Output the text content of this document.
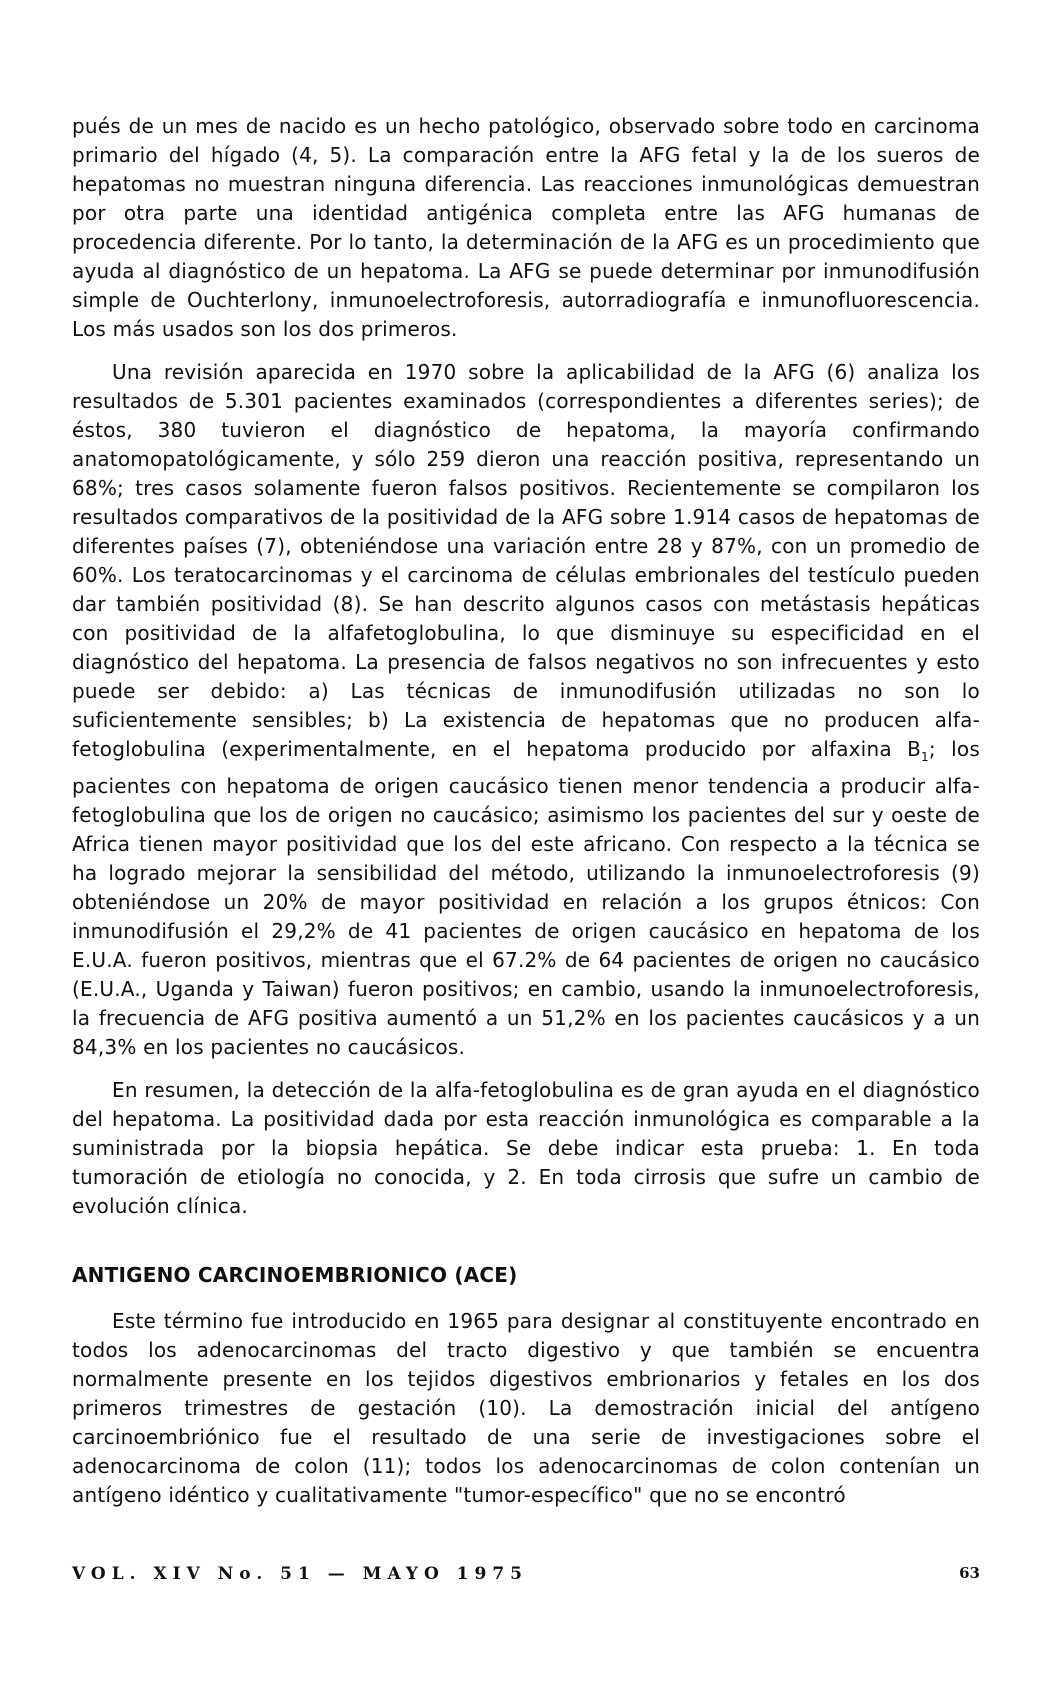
pués de un mes de nacido es un hecho patológico, observado sobre todo en carcinoma primario del hígado (4, 5). La comparación entre la AFG fetal y la de los sueros de hepatomas no muestran ninguna diferencia. Las reacciones inmunológicas demuestran por otra parte una identidad antigénica completa entre las AFG humanas de procedencia diferente. Por lo tanto, la determinación de la AFG es un procedimiento que ayuda al diagnóstico de un hepatoma. La AFG se puede determinar por inmunodifusión simple de Ouchterlony, inmunoelectroforesis, autorradiografía e inmunofluorescencia. Los más usados son los dos primeros.

Una revisión aparecida en 1970 sobre la aplicabilidad de la AFG (6) analiza los resultados de 5.301 pacientes examinados (correspondientes a diferentes series); de éstos, 380 tuvieron el diagnóstico de hepatoma, la mayoría confirmando anatomopatológicamente, y sólo 259 dieron una reacción positiva, representando un 68%; tres casos solamente fueron falsos positivos. Recientemente se compilaron los resultados comparativos de la positividad de la AFG sobre 1.914 casos de hepatomas de diferentes países (7), obteniéndose una variación entre 28 y 87%, con un promedio de 60%. Los teratocarcinomas y el carcinoma de células embrionales del testículo pueden dar también positividad (8). Se han descrito algunos casos con metástasis hepáticas con positividad de la alfafetoglobulina, lo que disminuye su especificidad en el diagnóstico del hepatoma. La presencia de falsos negativos no son infrecuentes y esto puede ser debido: a) Las técnicas de inmunodifusión utilizadas no son lo suficientemente sensibles; b) La existencia de hepatomas que no producen alfa-fetoglobulina (experimentalmente, en el hepatoma producido por alfaxina $B_1$; los pacientes con hepatoma de origen caucásico tienen menor tendencia a producir alfa-fetoglobulina que los de origen no caucásico; asimismo los pacientes del sur y oeste de Africa tienen mayor positividad que los del este africano. Con respecto a la técnica se ha logrado mejorar la sensibilidad del método, utilizando la inmunoelectroforesis (9) obteniéndose un 20% de mayor positividad en relación a los grupos étnicos: Con inmunodifusión el 29,2% de 41 pacientes de origen caucásico en hepatoma de los E.U.A. fueron positivos, mientras que el 67.2% de 64 pacientes de origen no caucásico (E.U.A., Uganda y Taiwan) fueron positivos; en cambio, usando la inmunoelectroforesis, la frecuencia de AFG positiva aumentó a un 51,2% en los pacientes caucásicos y a un 84,3% en los pacientes no caucásicos.

En resumen, la detección de la alfa-fetoglobulina es de gran ayuda en el diagnóstico del hepatoma. La positividad dada por esta reacción inmunológica es comparable a la suministrada por la biopsia hepática. Se debe indicar esta prueba: 1. En toda tumoración de etiología no conocida, y 2. En toda cirrosis que sufre un cambio de evolución clínica.

ANTIGENO CARCINOEMBRIONICO (ACE)

Este término fue introducido en 1965 para designar al constituyente encontrado en todos los adenocarcinomas del tracto digestivo y que también se encuentra normalmente presente en los tejidos digestivos embrionarios y fetales en los dos primeros trimestres de gestación (10). La demostración inicial del antígeno carcinoembriónico fue el resultado de una serie de investigaciones sobre el adenocarcinoma de colon (11); todos los adenocarcinomas de colon contenían un antígeno idéntico y cualitativamente "tumor-específico" que no se encontró

VOL. XIV No. 51 — MAYO 1975	63
